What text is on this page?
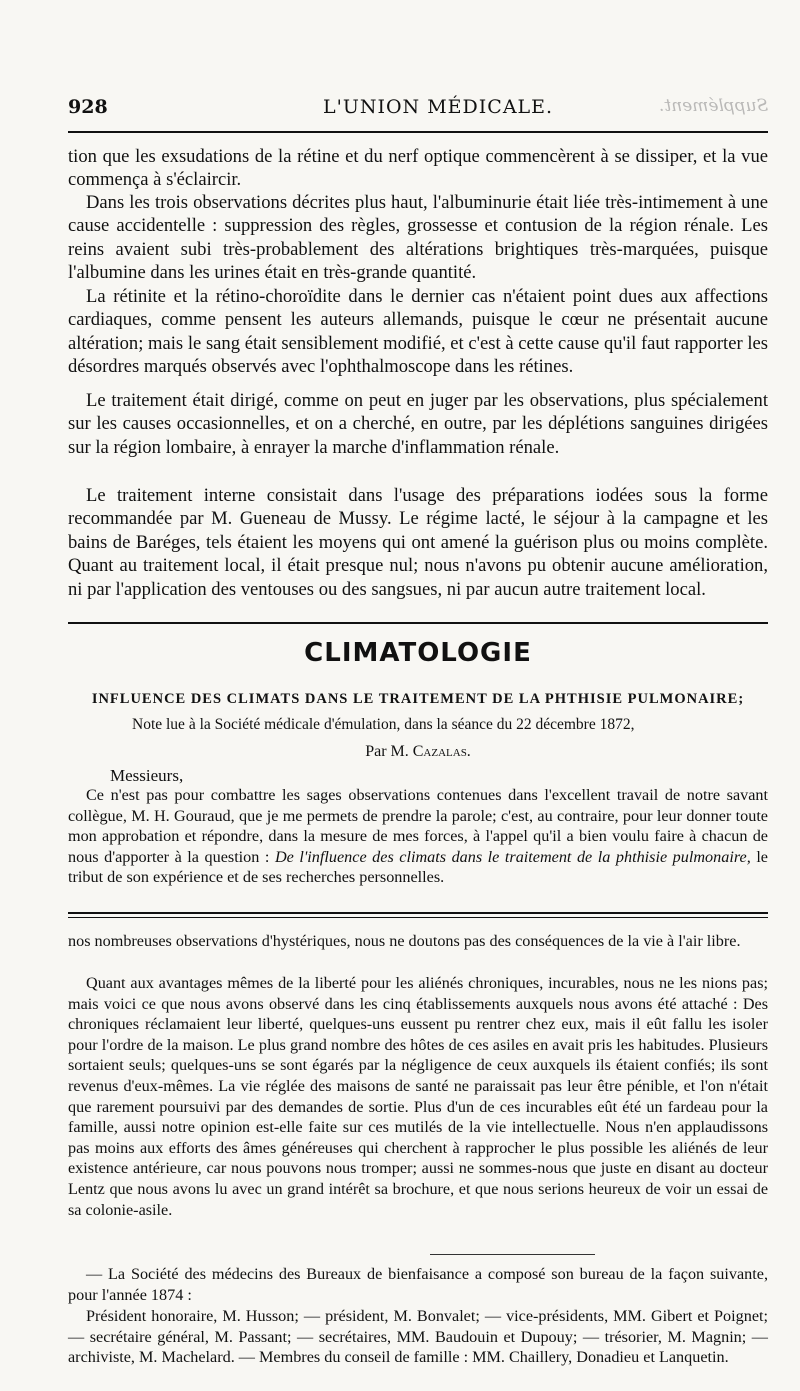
928	L'UNION MÉDICALE.	Supplément.

tion que les exsudations de la rétine et du nerf optique commencèrent à se dissiper, et la vue commença à s'éclaircir.

Dans les trois observations décrites plus haut, l'albuminurie était liée très-intimement à une cause accidentelle : suppression des règles, grossesse et contusion de la région rénale. Les reins avaient subi très-probablement des altérations brightiques très-marquées, puisque l'albumine dans les urines était en très-grande quantité.

La rétinite et la rétino-choroïdite dans le dernier cas n'étaient point dues aux affections cardiaques, comme pensent les auteurs allemands, puisque le cœur ne présentait aucune altération; mais le sang était sensiblement modifié, et c'est à cette cause qu'il faut rapporter les désordres marqués observés avec l'ophthalmoscope dans les rétines.

Le traitement était dirigé, comme on peut en juger par les observations, plus spécialement sur les causes occasionnelles, et on a cherché, en outre, par les déplétions sanguines dirigées sur la région lombaire, à enrayer la marche d'inflammation rénale.

Le traitement interne consistait dans l'usage des préparations iodées sous la forme recommandée par M. Gueneau de Mussy. Le régime lacté, le séjour à la campagne et les bains de Baréges, tels étaient les moyens qui ont amené la guérison plus ou moins complète. Quant au traitement local, il était presque nul; nous n'avons pu obtenir aucune amélioration, ni par l'application des ventouses ou des sangsues, ni par aucun autre traitement local.

CLIMATOLOGIE
INFLUENCE DES CLIMATS DANS LE TRAITEMENT DE LA PHTHISIE PULMONAIRE;
Note lue à la Société médicale d'émulation, dans la séance du 22 décembre 1872,
Par M. Cazalas.
Messieurs,

Ce n'est pas pour combattre les sages observations contenues dans l'excellent travail de notre savant collègue, M. H. Gouraud, que je me permets de prendre la parole; c'est, au contraire, pour leur donner toute mon approbation et répondre, dans la mesure de mes forces, à l'appel qu'il a bien voulu faire à chacun de nous d'apporter à la question : De l'influence des climats dans le traitement de la phthisie pulmonaire, le tribut de son expérience et de ses recherches personnelles.

nos nombreuses observations d'hystériques, nous ne doutons pas des conséquences de la vie à l'air libre.

Quant aux avantages mêmes de la liberté pour les aliénés chroniques, incurables, nous ne les nions pas; mais voici ce que nous avons observé dans les cinq établissements auxquels nous avons été attaché : Des chroniques réclamaient leur liberté, quelques-uns eussent pu rentrer chez eux, mais il eût fallu les isoler pour l'ordre de la maison. Le plus grand nombre des hôtes de ces asiles en avait pris les habitudes. Plusieurs sortaient seuls; quelques-uns se sont égarés par la négligence de ceux auxquels ils étaient confiés; ils sont revenus d'eux-mêmes. La vie réglée des maisons de santé ne paraissait pas leur être pénible, et l'on n'était que rarement poursuivi par des demandes de sortie. Plus d'un de ces incurables eût été un fardeau pour la famille, aussi notre opinion est-elle faite sur ces mutilés de la vie intellectuelle. Nous n'en applaudissons pas moins aux efforts des âmes généreuses qui cherchent à rapprocher le plus possible les aliénés de leur existence antérieure, car nous pouvons nous tromper; aussi ne sommes-nous que juste en disant au docteur Lentz que nous avons lu avec un grand intérêt sa brochure, et que nous serions heureux de voir un essai de sa colonie-asile.

— La Société des médecins des Bureaux de bienfaisance a composé son bureau de la façon suivante, pour l'année 1874 :

Président honoraire, M. Husson; — président, M. Bonvalet; — vice-présidents, MM. Gibert et Poignet; — secrétaire général, M. Passant; — secrétaires, MM. Baudouin et Dupouy; — trésorier, M. Magnin; — archiviste, M. Machelard. — Membres du conseil de famille : MM. Chaillery, Donadieu et Lanquetin.
